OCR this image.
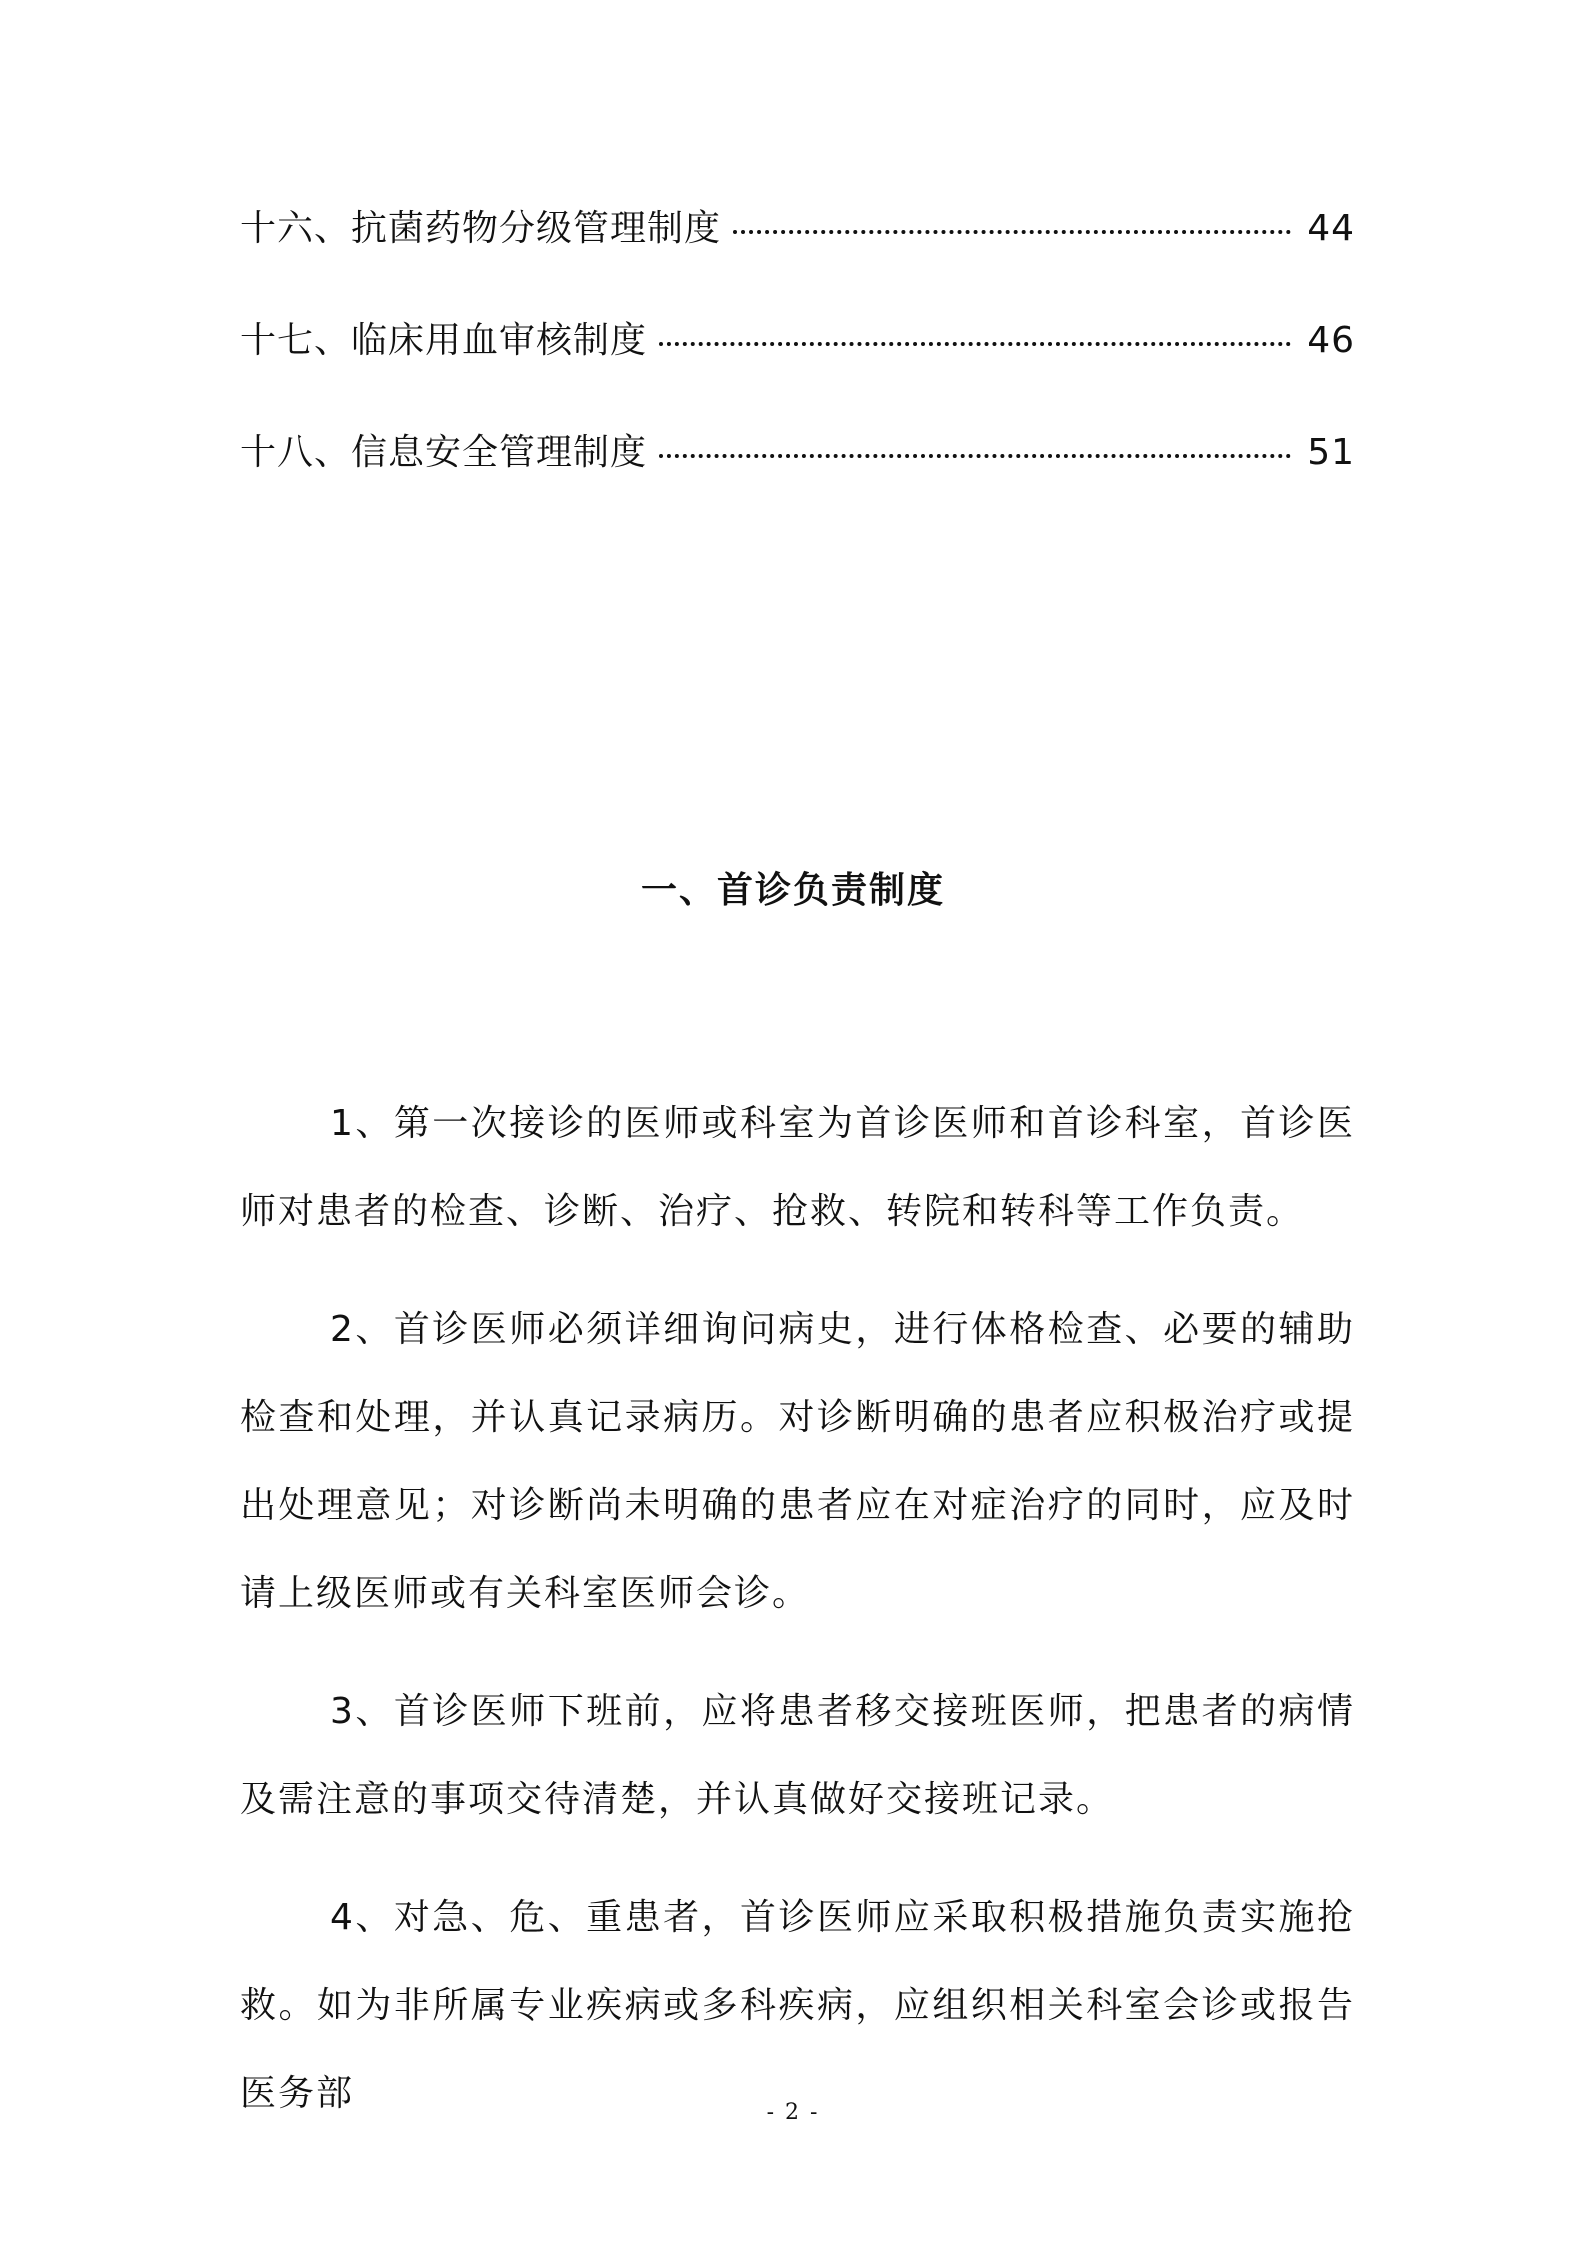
十六、抗菌药物分级管理制度	44
十七、临床用血审核制度	46
十八、信息安全管理制度	51
一、首诊负责制度

1、第一次接诊的医师或科室为首诊医师和首诊科室，首诊医师对患者的检查、诊断、治疗、抢救、转院和转科等工作负责。

2、首诊医师必须详细询问病史，进行体格检查、必要的辅助检查和处理，并认真记录病历。对诊断明确的患者应积极治疗或提出处理意见；对诊断尚未明确的患者应在对症治疗的同时，应及时请上级医师或有关科室医师会诊。

3、首诊医师下班前，应将患者移交接班医师，把患者的病情及需注意的事项交待清楚，并认真做好交接班记录。

4、对急、危、重患者，首诊医师应采取积极措施负责实施抢救。如为非所属专业疾病或多科疾病，应组织相关科室会诊或报告医务部	- 2 -
